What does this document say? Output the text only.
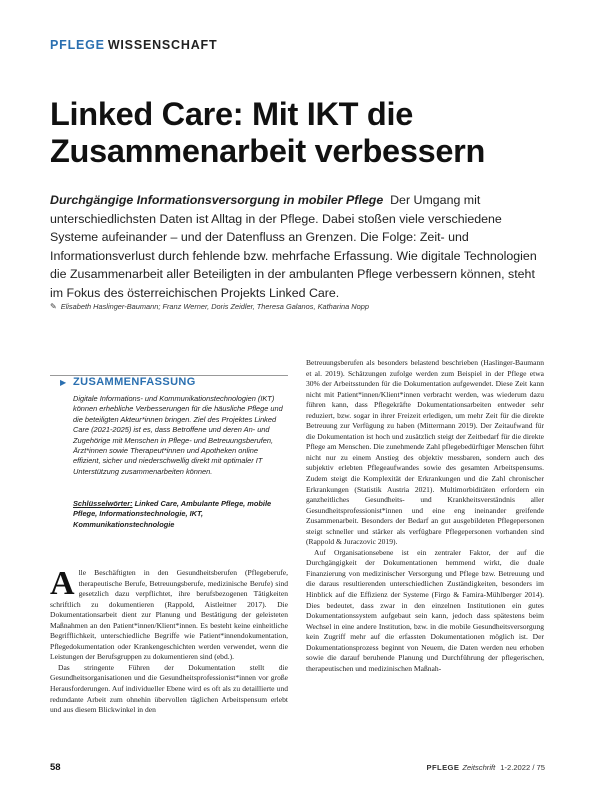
PFLEGE WISSENSCHAFT
Linked Care: Mit IKT die Zusammenarbeit verbessern
Durchgängige Informationsversorgung in mobiler Pflege Der Umgang mit unterschiedlichsten Daten ist Alltag in der Pflege. Dabei stoßen viele verschiedene Systeme aufeinander – und der Datenfluss an Grenzen. Die Folge: Zeit- und Informationsverlust durch fehlende bzw. mehrfache Erfassung. Wie digitale Technologien die Zusammenarbeit aller Beteiligten in der ambulanten Pflege verbessern können, steht im Fokus des österreichischen Projekts Linked Care.
✎ Elisabeth Haslinger-Baumann; Franz Werner, Doris Zeidler, Theresa Galanos, Katharina Nopp
▶ ZUSAMMENFASSUNG
Digitale Informations- und Kommunikationstechnologien (IKT) können erhebliche Verbesserungen für die häusliche Pflege und die beteiligten Akteur*innen bringen. Ziel des Projektes Linked Care (2021-2025) ist es, dass Betroffene und deren An- und Zugehörige mit Menschen in Pflege- und Betreuungsberufen, Ärzt*innen sowie Therapeut*innen und Apotheken online effizient, sicher und niederschwellig direkt mit optimaler IT Unterstützung zusammenarbeiten können.
Schlüsselwörter: Linked Care, Ambulante Pflege, mobile Pflege, Informationstechnologie, IKT, Kommunikationstechnologie

Alle Beschäftigten in den Gesundheitsberufen (Pflegeberufe, therapeutische Berufe, Betreuungsberufe, medizinische Berufe) sind gesetzlich dazu verpflichtet, ihre berufsbezogenen Tätigkeiten schriftlich zu dokumentieren (Rappold, Aistleitner 2017). Die Dokumentationsarbeit dient zur Planung und Bestätigung der geleisteten Maßnahmen an den Patient*innen/Klient*innen. Es besteht keine einheitliche Begrifflichkeit, unterschiedliche Begriffe wie Patient*innendokumentation, Pflegedokumentation oder Krankengeschichten werden verwendet, wenn die Leistungen der Berufsgruppen zu dokumentieren sind (ebd.).

Das stringente Führen der Dokumentation stellt die Gesundheitsorganisationen und die Gesundheitsprofessionist*innen vor große Herausforderungen. Auf individueller Ebene wird es oft als zu detaillierte und redundante Arbeit zum ohnehin übervollen täglichen Arbeitspensum erlebt und aus diesem Blickwinkel in den

Betreuungsberufen als besonders belastend beschrieben (Haslinger-Baumann et al. 2019). Schätzungen zufolge werden zum Beispiel in der Pflege etwa 30% der Arbeitsstunden für die Dokumentation aufgewendet. Diese Zeit kann nicht mit Patient*innen/Klient*innen verbracht werden, was wiederum dazu führen kann, dass Pflegekräfte Dokumentationsarbeiten entweder sehr reduziert, bzw. sogar in ihrer Freizeit erledigen, um mehr Zeit für die direkte Betreuung zur Verfügung zu haben (Mittermann 2019). Der Zeitaufwand für die Dokumentation ist hoch und zusätzlich steigt der Zeitbedarf für die direkte Pflege am Menschen. Die zunehmende Zahl pflegebedürftiger Menschen führt nicht nur zu einem Anstieg des objektiv messbaren, sondern auch des subjektiv erlebten Pflegeaufwandes sowie des gesamten Arbeitspensums. Zudem steigt die Komplexität der Erkrankungen und die Zahl chronischer Erkrankungen (Statistik Austria 2021). Multimorbiditäten erfordern ein ganzheitliches Gesundheits- und Krankheitsverständnis aller Gesundheitsprofessionist*innen und eine eng ineinander greifende Zusammenarbeit. Besonders der Bedarf an gut ausgebildeten Pflegepersonen steigt schneller und stärker als verfügbare Pflegepersonen vorhanden sind (Rappold & Juraczovic 2019).

Auf Organisationsebene ist ein zentraler Faktor, der auf die Durchgängigkeit der Dokumentationen hemmend wirkt, die duale Finanzierung von medizinischer Versorgung und Pflege bzw. Betreuung und die daraus resultierenden unterschiedlichen Zuständigkeiten, besonders im Hinblick auf die Effizienz der Systeme (Firgo & Famira-Mühlberger 2014). Dies bedeutet, dass zwar in den einzelnen Institutionen ein gutes Dokumentationssystem aufgebaut sein kann, jedoch dass spätestens beim Wechsel in eine andere Institution, bzw. in die mobile Gesundheitsversorgung kein Zugriff mehr auf die erfassten Dokumentationen möglich ist. Der Dokumentationsprozess beginnt von Neuem, die Daten werden neu erhoben sowie die darauf beruhende Planung und Durchführung der pflegerischen, therapeutischen und medizinischen Maßnah-

58	PFLEGE Zeitschrift 1-2.2022 / 75
